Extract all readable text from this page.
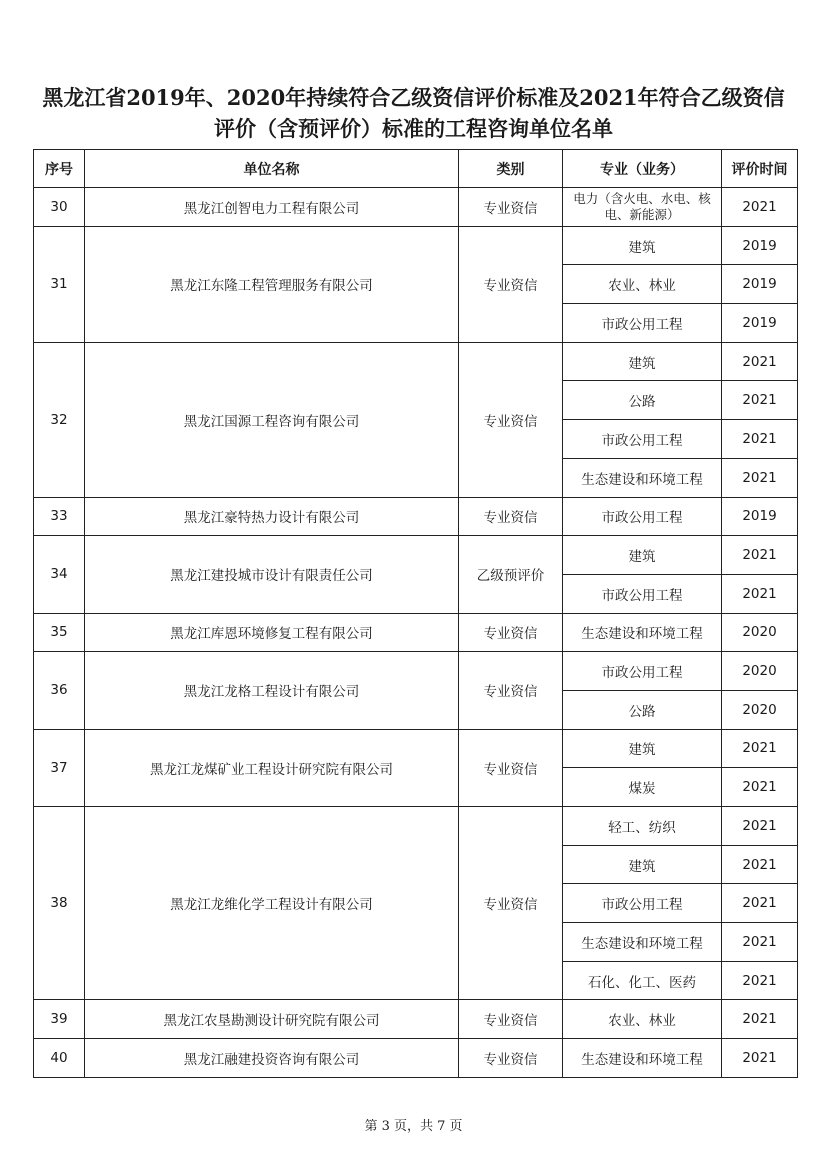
黑龙江省2019年、2020年持续符合乙级资信评价标准及2021年符合乙级资信
评价（含预评价）标准的工程咨询单位名单
序号	单位名称	类别	专业（业务）	评价时间
30	黑龙江创智电力工程有限公司	专业资信	电力（含火电、水电、核电、新能源）	2021
31	黑龙江东隆工程管理服务有限公司	专业资信	建筑	2019
			农业、林业	2019
			市政公用工程	2019
32	黑龙江国源工程咨询有限公司	专业资信	建筑	2021
			公路	2021
			市政公用工程	2021
			生态建设和环境工程	2021
33	黑龙江豪特热力设计有限公司	专业资信	市政公用工程	2019
34	黑龙江建投城市设计有限责任公司	乙级预评价	建筑	2021
			市政公用工程	2021
35	黑龙江库恩环境修复工程有限公司	专业资信	生态建设和环境工程	2020
36	黑龙江龙格工程设计有限公司	专业资信	市政公用工程	2020
			公路	2020
37	黑龙江龙煤矿业工程设计研究院有限公司	专业资信	建筑	2021
			煤炭	2021
38	黑龙江龙维化学工程设计有限公司	专业资信	轻工、纺织	2021
			建筑	2021
			市政公用工程	2021
			生态建设和环境工程	2021
			石化、化工、医药	2021
39	黑龙江农垦勘测设计研究院有限公司	专业资信	农业、林业	2021
40	黑龙江融建投资咨询有限公司	专业资信	生态建设和环境工程	2021
第 3 页，共 7 页
